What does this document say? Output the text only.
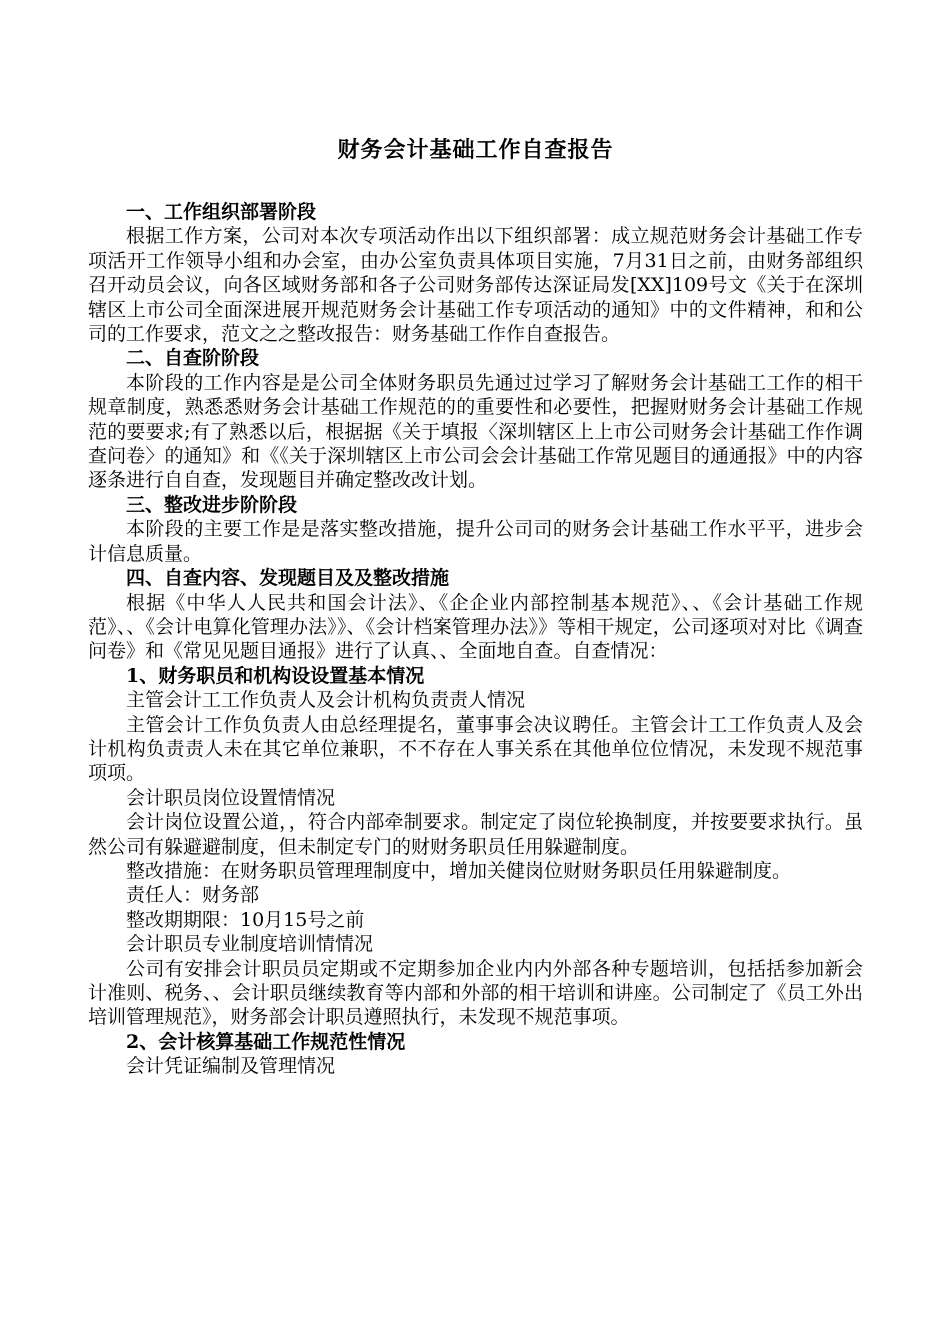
财务会计基础工作自查报告

一、工作组织部署阶段

根据工作方案，公司对本次专项活动作出以下组织部署：成立规范财务会计基础工作专项活开工作领导小组和办会室，由办公室负责具体项目实施，7月31日之前，由财务部组织召开动员会议，向各区域财务部和各子公司财务部传达深证局发[XX]109号文《关于在深圳辖区上市公司全面深进展开规范财务会计基础工作专项活动的通知》中的文件精神，和和公司的工作要求，范文之之整改报告：财务基础工作作自查报告。

二、自查阶阶段

本阶段的工作内容是是公司全体财务职员先通过过学习了解财务会计基础工工作的相干规章制度，熟悉悉财务会计基础工作规范的的重要性和必要性，把握财财务会计基础工作规范的要要求;有了熟悉以后，根据据《关于填报〈深圳辖区上上市公司财务会计基础工作作调查问卷〉的通知》和《《关于深圳辖区上市公司会会计基础工作常见题目的通通报》中的内容逐条进行自自查，发现题目并确定整改改计划。

三、整改进步阶阶段

本阶段的主要工作是是落实整改措施，提升公司司的财务会计基础工作水平平，进步会计信息质量。

四、自查内容、发现题目及及整改措施

根据《中华人人民共和国会计法》、《企企业内部控制基本规范》、、《会计基础工作规范》、、《会计电算化管理办法》》、《会计档案管理办法》》等相干规定，公司逐项对对比《调查问卷》和《常见见题目通报》进行了认真、、全面地自查。自查情况：

1、财务职员和机构设设置基本情况

主管会计工工作负责人及会计机构负责责人情况

主管会计工作负负责人由总经理提名，董事事会决议聘任。主管会计工工作负责人及会计机构负责责人未在其它单位兼职，不不存在人事关系在其他单位位情况，未发现不规范事项项。

会计职员岗位设置情情况

会计岗位设置公道，，符合内部牵制要求。制定定了岗位轮换制度，并按要要求执行。虽然公司有躲避避制度，但未制定专门的财财务职员任用躲避制度。

整改措施：在财务职员管理理制度中，增加关健岗位财财务职员任用躲避制度。

责任人：财务部

整改期期限：10月15号之前

会计职员专业制度培训情情况

公司有安排会计职员员定期或不定期参加企业内内外部各种专题培训，包括括参加新会计准则、税务、、会计职员继续教育等内部和外部的相干培训和讲座。公司制定了《员工外出培训管理规范》，财务部会计职员遵照执行，未发现不规范事项。

2、会计核算基础工作规范性情况

会计凭证编制及管理情况
